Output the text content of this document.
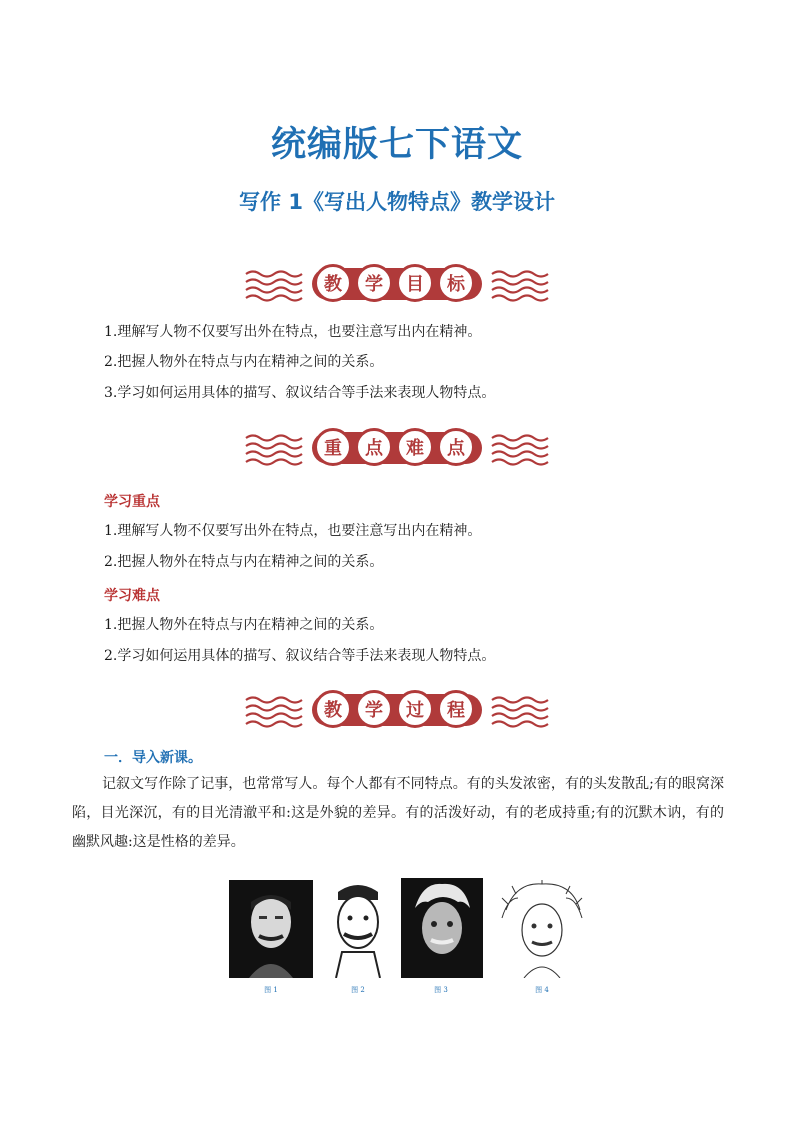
统编版七下语文
写作 1《写出人物特点》教学设计
教	学	目	标
1.理解写人物不仅要写出外在特点，也要注意写出内在精神。
2.把握人物外在特点与内在精神之间的关系。
3.学习如何运用具体的描写、叙议结合等手法来表现人物特点。
重	点	难	点
学习重点
1.理解写人物不仅要写出外在特点，也要注意写出内在精神。
2.把握人物外在特点与内在精神之间的关系。
学习难点
1.把握人物外在特点与内在精神之间的关系。
2.学习如何运用具体的描写、叙议结合等手法来表现人物特点。
教	学	过	程
一．导入新课。
记叙文写作除了记事，也常常写人。每个人都有不同特点。有的头发浓密，有的头发散乱;有的眼窝深陷，目光深沉，有的目光清澈平和:这是外貌的差异。有的活泼好动，有的老成持重;有的沉默木讷，有的幽默风趣:这是性格的差异。
图 1	图 2	图 3	图 4
